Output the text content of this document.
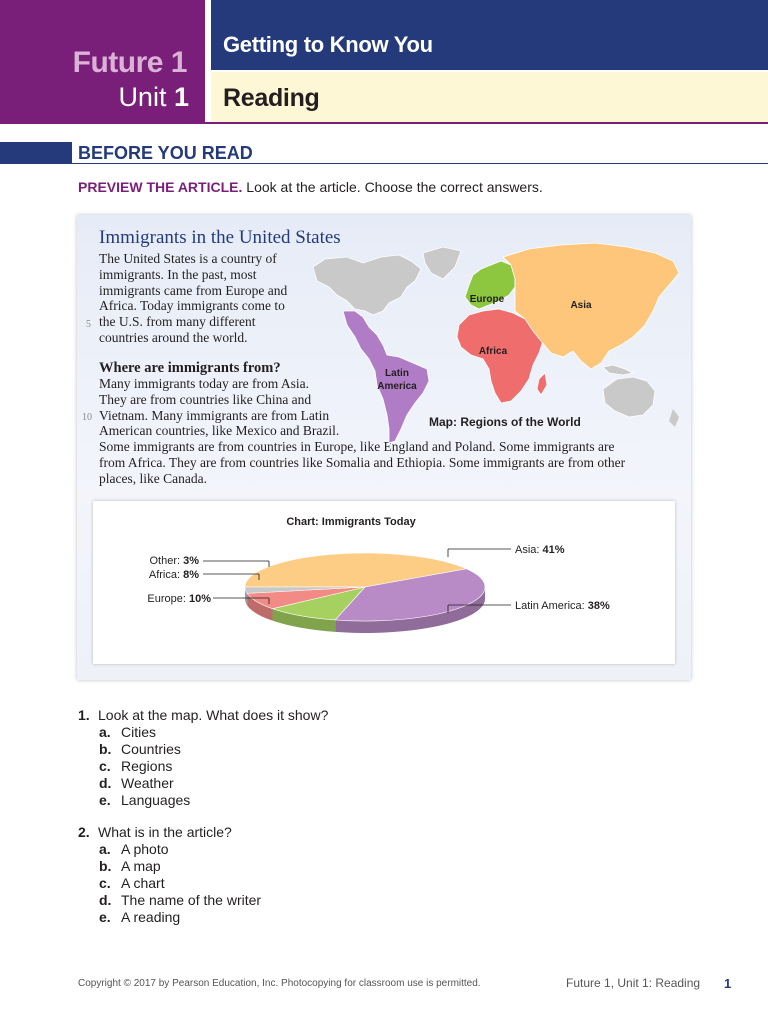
Future 1
Unit 1
Getting to Know You
Reading
BEFORE YOU READ
PREVIEW THE ARTICLE. Look at the article. Choose the correct answers.
Immigrants in the United States
The United States is a country of
immigrants. In the past, most
immigrants came from Europe and
Africa. Today immigrants come to
the U.S. from many different
countries around the world.
5
Where are immigrants from?
Many immigrants today are from Asia.
They are from countries like China and
Vietnam. Many immigrants are from Latin
American countries, like Mexico and Brazil.
10
Some immigrants are from countries in Europe, like England and Poland. Some immigrants are
from Africa. They are from countries like Somalia and Ethiopia. Some immigrants are from other
places, like Canada.
Europe
Asia
Africa
Latin
America
Map: Regions of the World
Chart: Immigrants Today
Asia: 41%
Latin America: 38%
Other: 3%
Africa: 8%
Europe: 10%
1. Look at the map. What does it show?
a. Cities
b. Countries
c. Regions
d. Weather
e. Languages
2. What is in the article?
a. A photo
b. A map
c. A chart
d. The name of the writer
e. A reading
Copyright © 2017 by Pearson Education, Inc. Photocopying for classroom use is permitted.	Future 1, Unit 1: Reading 1
